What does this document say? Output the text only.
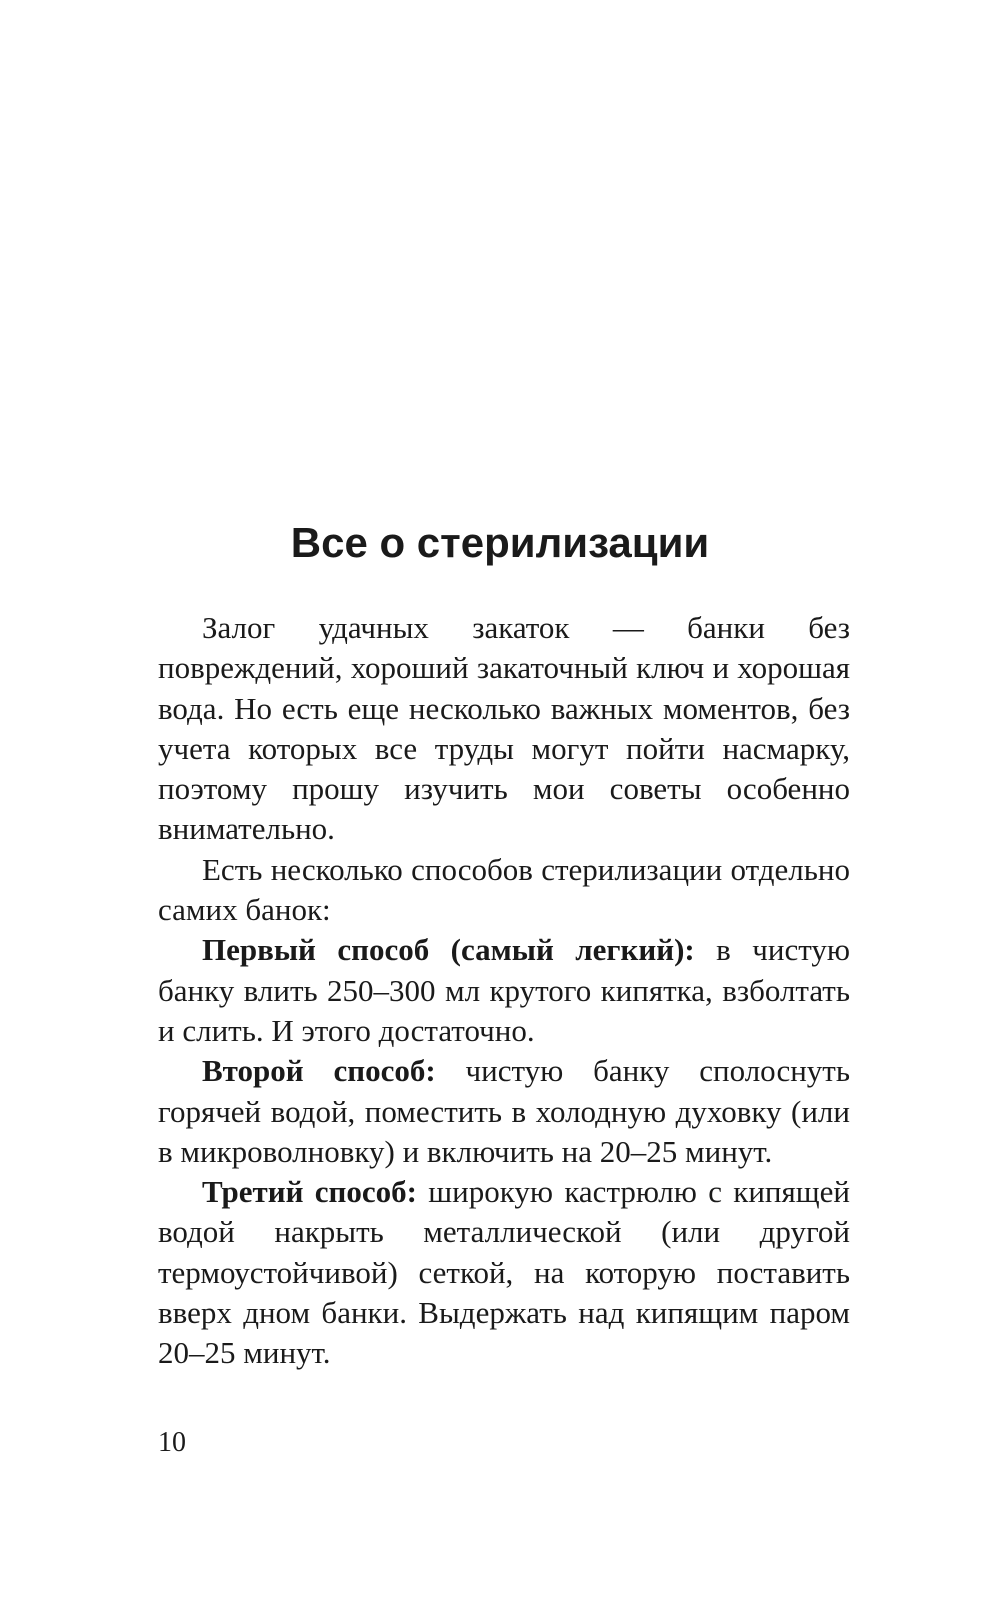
Все о стерилизации

Залог удачных закаток — банки без повреждений, хороший закаточный ключ и хорошая вода. Но есть еще несколько важных моментов, без учета которых все труды могут пойти насмарку, поэтому прошу изучить мои советы особенно внимательно.

Есть несколько способов стерилизации отдельно самих банок:

Первый способ (самый легкий): в чистую банку влить 250–300 мл крутого кипятка, взболтать и слить. И этого достаточно.

Второй способ: чистую банку сполоснуть горячей водой, поместить в холодную духовку (или в микроволновку) и включить на 20–25 минут.

Третий способ: широкую кастрюлю с кипящей водой накрыть металлической (или другой термоустойчивой) сеткой, на которую поставить вверх дном банки. Выдержать над кипящим паром 20–25 минут.

10
